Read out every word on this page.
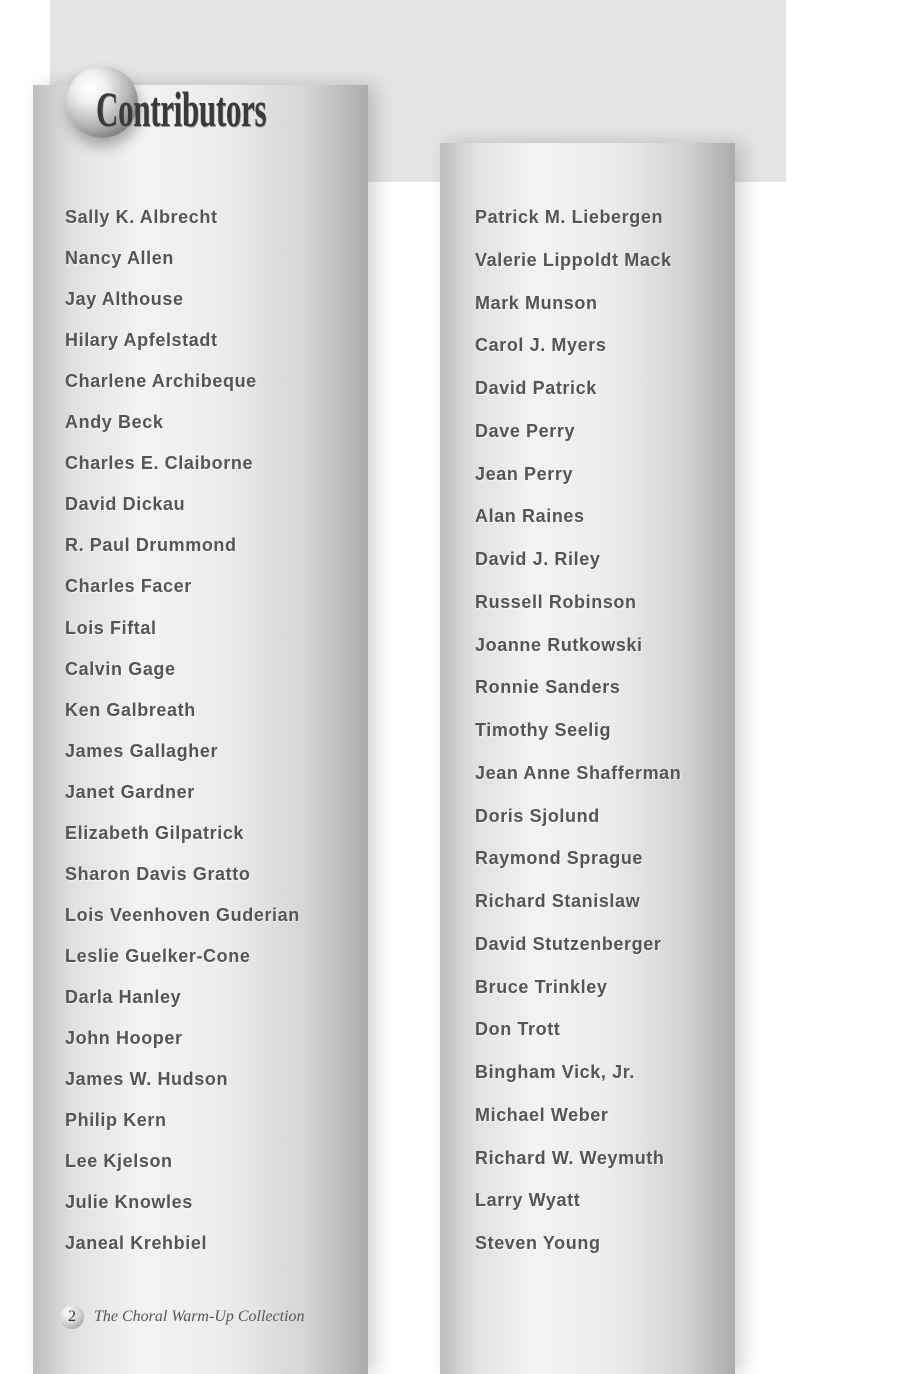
Contributors
Sally K. Albrecht
Nancy Allen
Jay Althouse
Hilary Apfelstadt
Charlene Archibeque
Andy Beck
Charles E. Claiborne
David Dickau
R. Paul Drummond
Charles Facer
Lois Fiftal
Calvin Gage
Ken Galbreath
James Gallagher
Janet Gardner
Elizabeth Gilpatrick
Sharon Davis Gratto
Lois Veenhoven Guderian
Leslie Guelker-Cone
Darla Hanley
John Hooper
James W. Hudson
Philip Kern
Lee Kjelson
Julie Knowles
Janeal Krehbiel
Patrick M. Liebergen
Valerie Lippoldt Mack
Mark Munson
Carol J. Myers
David Patrick
Dave Perry
Jean Perry
Alan Raines
David J. Riley
Russell Robinson
Joanne Rutkowski
Ronnie Sanders
Timothy Seelig
Jean Anne Shafferman
Doris Sjolund
Raymond Sprague
Richard Stanislaw
David Stutzenberger
Bruce Trinkley
Don Trott
Bingham Vick, Jr.
Michael Weber
Richard W. Weymuth
Larry Wyatt
Steven Young
2	The Choral Warm-Up Collection
